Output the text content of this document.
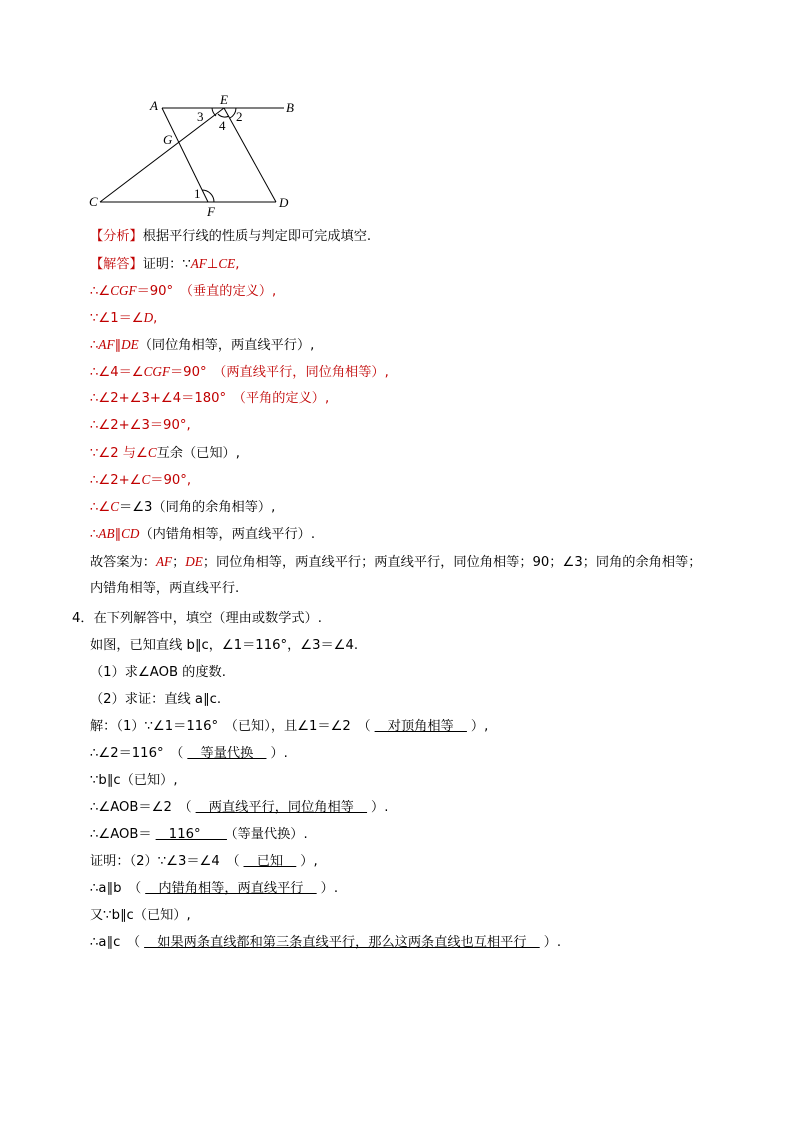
A	E
B
G
C
F
D
3
4
2
1
【分析】根据平行线的性质与判定即可完成填空.
【解答】证明：∵AF⊥CE,
∴∠CGF＝90°　 （垂直的定义）,
∵∠1＝∠D,
∴AF∥DE（同位角相等，两直线平行）,
∴∠4＝∠CGF＝90°　 （两直线平行，同位角相等）,
∴∠2+∠3+∠4＝180°　 （平角的定义）,
∴∠2+∠3＝90°,
∵∠2 与∠C互余（已知）,
∴∠2+∠C＝90°,
∴∠C＝∠3（同角的余角相等）,
∴AB∥CD（内错角相等，两直线平行）.
故答案为：AF；DE；同位角相等，两直线平行；两直线平行，同位角相等；90；∠3；同角的余角相等；
内错角相等，两直线平行.
4．在下列解答中，填空（理由或数学式）.
如图，已知直线 b∥c，∠1＝116°，∠3＝∠4.
（1）求∠AOB 的度数.
（2）求证：直线 a∥c.
解：（1）∵∠1＝116°　（已知），且∠1＝∠2　（　对顶角相等　）,
∴∠2＝116°　（　等量代换　）.
∵b∥c（已知）,
∴∠AOB＝∠2　（　两直线平行，同位角相等　）.
∴∠AOB＝　116°　　（等量代换）.
证明：（2）∵∠3＝∠4　（　已知　）,
∴a∥b　（　内错角相等，两直线平行　）.
又∵b∥c（已知）,
∴a∥c　（　如果两条直线都和第三条直线平行，那么这两条直线也互相平行　）.
